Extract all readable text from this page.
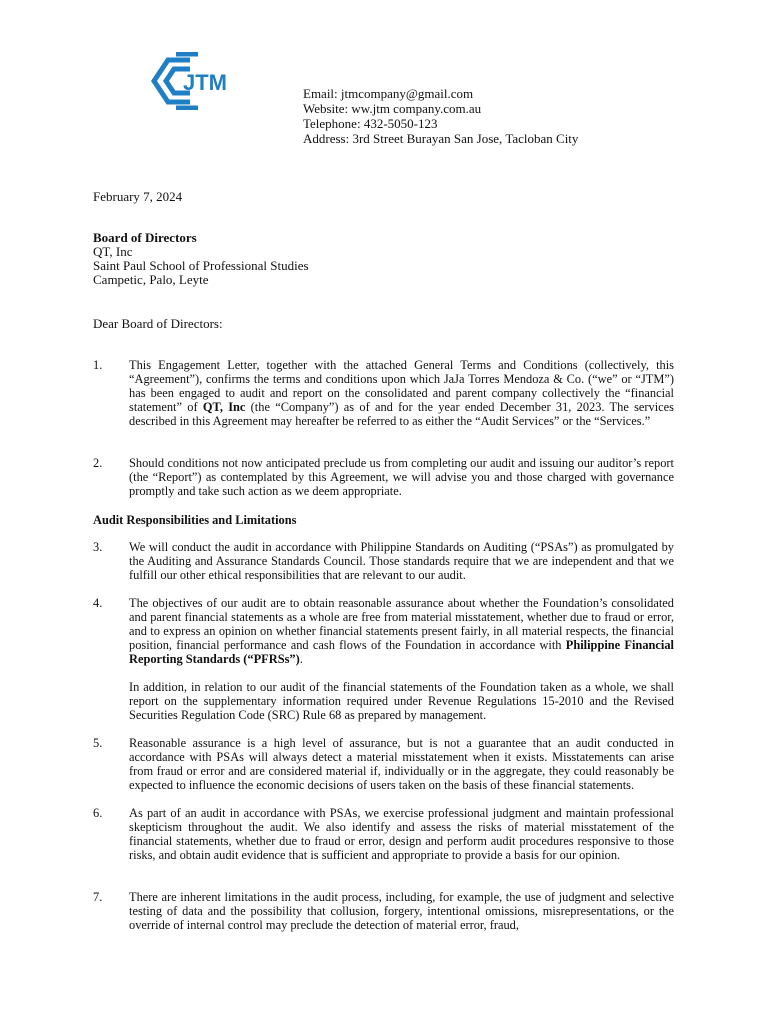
JTM	Email: jtmcompany@gmail.com
Website: ww.jtm company.com.au
Telephone: 432-5050-123
Address: 3rd Street Burayan San Jose, Tacloban City
February 7, 2024
Board of Directors
QT, Inc
Saint Paul School of Professional Studies
Campetic, Palo, Leyte
Dear Board of Directors:
1. This Engagement Letter, together with the attached General Terms and Conditions (collectively, this “Agreement”), confirms the terms and conditions upon which JaJa Torres Mendoza & Co. (“we” or “JTM”) has been engaged to audit and report on the consolidated and parent company collectively the “financial statement” of QT, Inc (the “Company”) as of and for the year ended December 31, 2023. The services described in this Agreement may hereafter be referred to as either the “Audit Services” or the “Services.”
2. Should conditions not now anticipated preclude us from completing our audit and issuing our auditor’s report (the “Report”) as contemplated by this Agreement, we will advise you and those charged with governance promptly and take such action as we deem appropriate.
Audit Responsibilities and Limitations
3. We will conduct the audit in accordance with Philippine Standards on Auditing (“PSAs”) as promulgated by the Auditing and Assurance Standards Council. Those standards require that we are independent and that we fulfill our other ethical responsibilities that are relevant to our audit.
4. The objectives of our audit are to obtain reasonable assurance about whether the Foundation’s consolidated and parent financial statements as a whole are free from material misstatement, whether due to fraud or error, and to express an opinion on whether financial statements present fairly, in all material respects, the financial position, financial performance and cash flows of the Foundation in accordance with Philippine Financial Reporting Standards (“PFRSs”).
In addition, in relation to our audit of the financial statements of the Foundation taken as a whole, we shall report on the supplementary information required under Revenue Regulations 15-2010 and the Revised Securities Regulation Code (SRC) Rule 68 as prepared by management.
5. Reasonable assurance is a high level of assurance, but is not a guarantee that an audit conducted in accordance with PSAs will always detect a material misstatement when it exists. Misstatements can arise from fraud or error and are considered material if, individually or in the aggregate, they could reasonably be expected to influence the economic decisions of users taken on the basis of these financial statements.
6. As part of an audit in accordance with PSAs, we exercise professional judgment and maintain professional skepticism throughout the audit. We also identify and assess the risks of material misstatement of the financial statements, whether due to fraud or error, design and perform audit procedures responsive to those risks, and obtain audit evidence that is sufficient and appropriate to provide a basis for our opinion.
7. There are inherent limitations in the audit process, including, for example, the use of judgment and selective testing of data and the possibility that collusion, forgery, intentional omissions, misrepresentations, or the override of internal control may preclude the detection of material error, fraud,
